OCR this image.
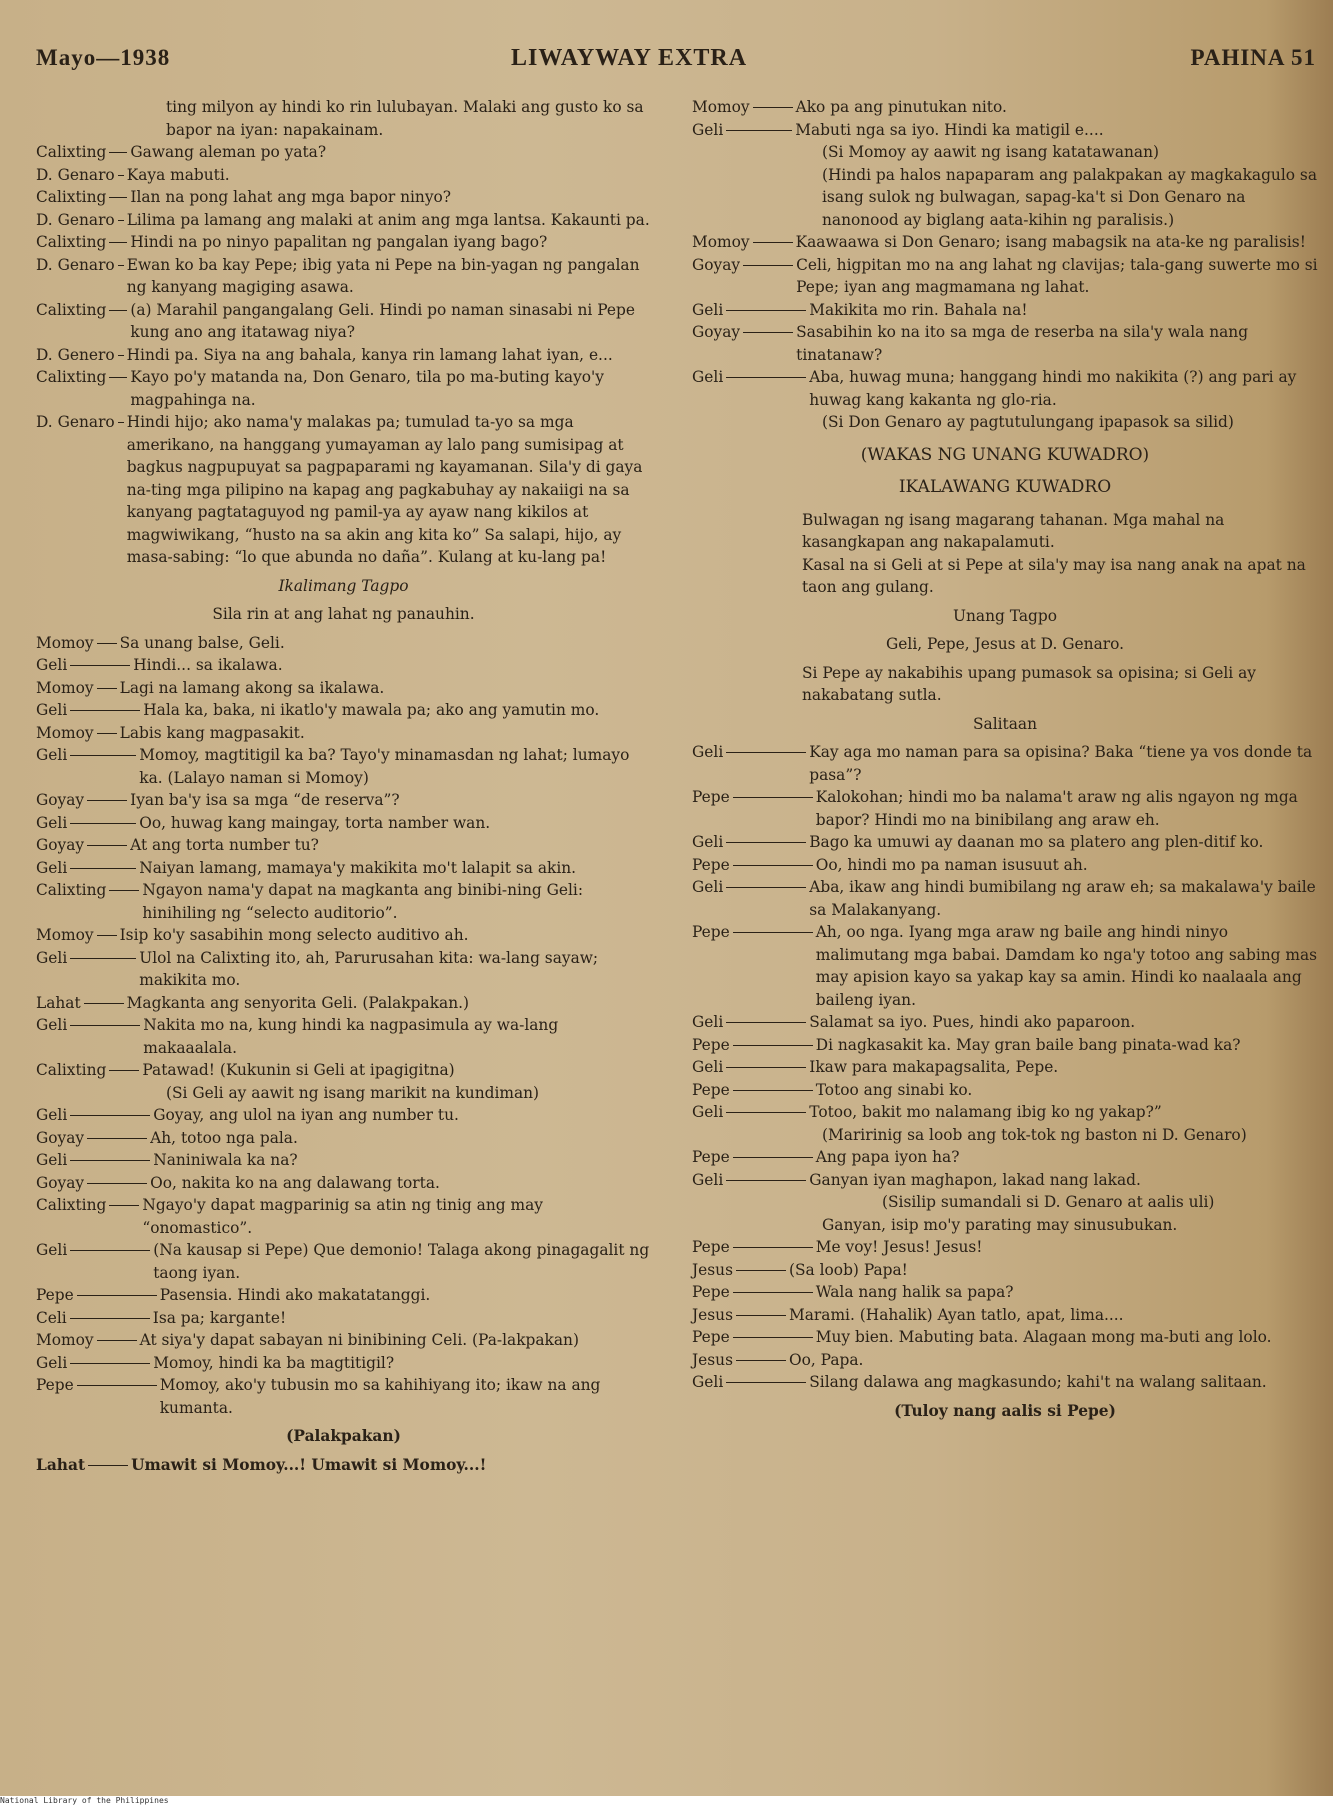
Mayo—1938	LIWAYWAY EXTRA	PAHINA 51
ting milyon ay hindi ko rin lulubayan. Malaki ang gusto ko sa bapor na iyan: napakainam.
Calixting Gawang aleman po yata?
D. Genaro Kaya mabuti.
Calixting Ilan na pong lahat ang mga bapor ninyo?
D. Genaro Lilima pa lamang ang malaki at anim ang mga lantsa. Kakaunti pa.
Calixting Hindi na po ninyo papalitan ng pangalan iyang bago?
D. Genaro Ewan ko ba kay Pepe; ibig yata ni Pepe na bin-yagan ng pangalan ng kanyang magiging asawa.
Calixting (a) Marahil pangangalang Geli. Hindi po naman sinasabi ni Pepe kung ano ang itatawag niya?
D. Genero Hindi pa. Siya na ang bahala, kanya rin lamang lahat iyan, e...
Calixting Kayo po'y matanda na, Don Genaro, tila po ma-buting kayo'y magpahinga na.
D. Genaro Hindi hijo; ako nama'y malakas pa; tumulad ta-yo sa mga amerikano, na hanggang yumayaman ay lalo pang sumisipag at bagkus nagpupuyat sa pagpaparami ng kayamanan. Sila'y di gaya na-ting mga pilipino na kapag ang pagkabuhay ay nakaiigi na sa kanyang pagtataguyod ng pamil-ya ay ayaw nang kikilos at magwiwikang, “husto na sa akin ang kita ko” Sa salapi, hijo, ay masa-sabing: “lo que abunda no daña”. Kulang at ku-lang pa!
Ikalimang Tagpo
Sila rin at ang lahat ng panauhin.
Momoy Sa unang balse, Geli.
Geli	Hindi... sa ikalawa.
Momoy Lagi na lamang akong sa ikalawa.
Geli	Hala ka, baka, ni ikatlo'y mawala pa; ako ang yamutin mo.
Momoy Labis kang magpasakit.
Geli	Momoy, magtitigil ka ba? Tayo'y minamasdan ng lahat; lumayo ka. (Lalayo naman si Momoy)
Goyay	Iyan ba'y isa sa mga “de reserva”?
Geli	Oo, huwag kang maingay, torta namber wan.
Goyay	At ang torta number tu?
Geli	Naiyan lamang, mamaya'y makikita mo't lalapit sa akin.
Calixting Ngayon nama'y dapat na magkanta ang binibi-ning Geli: hinihiling ng “selecto auditorio”.
Momoy Isip ko'y sasabihin mong selecto auditivo ah.
Geli	Ulol na Calixting ito, ah, Parurusahan kita: wa-lang sayaw; makikita mo.
Lahat	Magkanta ang senyorita Geli. (Palakpakan.)
Geli	Nakita mo na, kung hindi ka nagpasimula ay wa-lang makaaalala.
Calixting Patawad! (Kukunin si Geli at ipagigitna)
(Si Geli ay aawit ng isang marikit na kundiman)
Geli	Goyay, ang ulol na iyan ang number tu.
Goyay	Ah, totoo nga pala.
Geli	Naniniwala ka na?
Goyay	Oo, nakita ko na ang dalawang torta.
Calixting Ngayo'y dapat magparinig sa atin ng tinig ang may “onomastico”.
Geli	(Na kausap si Pepe) Que demonio! Talaga akong pinagagalit ng taong iyan.
Pepe	Pasensia. Hindi ako makatatanggi.
Celi	Isa pa; kargante!
Momoy	At siya'y dapat sabayan ni binibining Celi. (Pa-lakpakan)
Geli	Momoy, hindi ka ba magtitigil?
Pepe	Momoy, ako'y tubusin mo sa kahihiyang ito; ikaw na ang kumanta.
(Palakpakan)
Lahat	Umawit si Momoy...! Umawit si Momoy...!
Momoy	Ako pa ang pinutukan nito.
Geli	Mabuti nga sa iyo. Hindi ka matigil e....
(Si Momoy ay aawit ng isang katatawanan)
(Hindi pa halos napaparam ang palakpakan ay magkakagulo sa isang sulok ng bulwagan, sapag-ka't si Don Genaro na nanonood ay biglang aata-kihin ng paralisis.)
Momoy	Kaawaawa si Don Genaro; isang mabagsik na ata-ke ng paralisis!
Goyay	Celi, higpitan mo na ang lahat ng clavijas; tala-gang suwerte mo si Pepe; iyan ang magmamana ng lahat.
Geli	Makikita mo rin. Bahala na!
Goyay	Sasabihin ko na ito sa mga de reserba na sila'y wala nang tinatanaw?
Geli	Aba, huwag muna; hanggang hindi mo nakikita (?) ang pari ay huwag kang kakanta ng glo-ria.
(Si Don Genaro ay pagtutulungang ipapasok sa silid)
(WAKAS NG UNANG KUWADRO)
IKALAWANG KUWADRO
Bulwagan ng isang magarang tahanan. Mga mahal na kasangkapan ang nakapalamuti.
Kasal na si Geli at si Pepe at sila'y may isa nang anak na apat na taon ang gulang.
Unang Tagpo
Geli, Pepe, Jesus at D. Genaro.
Si Pepe ay nakabihis upang pumasok sa opisina; si Geli ay nakabatang sutla.
Salitaan
Geli	Kay aga mo naman para sa opisina? Baka “tiene ya vos donde ta pasa”?
Pepe	Kalokohan; hindi mo ba nalama't araw ng alis ngayon ng mga bapor? Hindi mo na binibilang ang araw eh.
Geli	Bago ka umuwi ay daanan mo sa platero ang plen-ditif ko.
Pepe	Oo, hindi mo pa naman isusuut ah.
Geli	Aba, ikaw ang hindi bumibilang ng araw eh; sa makalawa'y baile sa Malakanyang.
Pepe	Ah, oo nga. Iyang mga araw ng baile ang hindi ninyo malimutang mga babai. Damdam ko nga'y totoo ang sabing mas may apision kayo sa yakap kay sa amin. Hindi ko naalaala ang baileng iyan.
Geli	Salamat sa iyo. Pues, hindi ako paparoon.
Pepe	Di nagkasakit ka. May gran baile bang pinata-wad ka?
Geli	Ikaw para makapagsalita, Pepe.
Pepe	Totoo ang sinabi ko.
Geli	Totoo, bakit mo nalamang ibig ko ng yakap?”
(Maririnig sa loob ang tok-tok ng baston ni D. Genaro)
Pepe	Ang papa iyon ha?
Geli	Ganyan iyan maghapon, lakad nang lakad.
(Sisilip sumandali si D. Genaro at aalis uli)
Ganyan, isip mo'y parating may sinusubukan.
Pepe	Me voy! Jesus! Jesus!
Jesus	(Sa loob) Papa!
Pepe	Wala nang halik sa papa?
Jesus	Marami. (Hahalik) Ayan tatlo, apat, lima....
Pepe	Muy bien. Mabuting bata. Alagaan mong ma-buti ang lolo.
Jesus	Oo, Papa.
Geli	Silang dalawa ang magkasundo; kahi't na walang salitaan.
(Tuloy nang aalis si Pepe)
National Library of the Philippines
